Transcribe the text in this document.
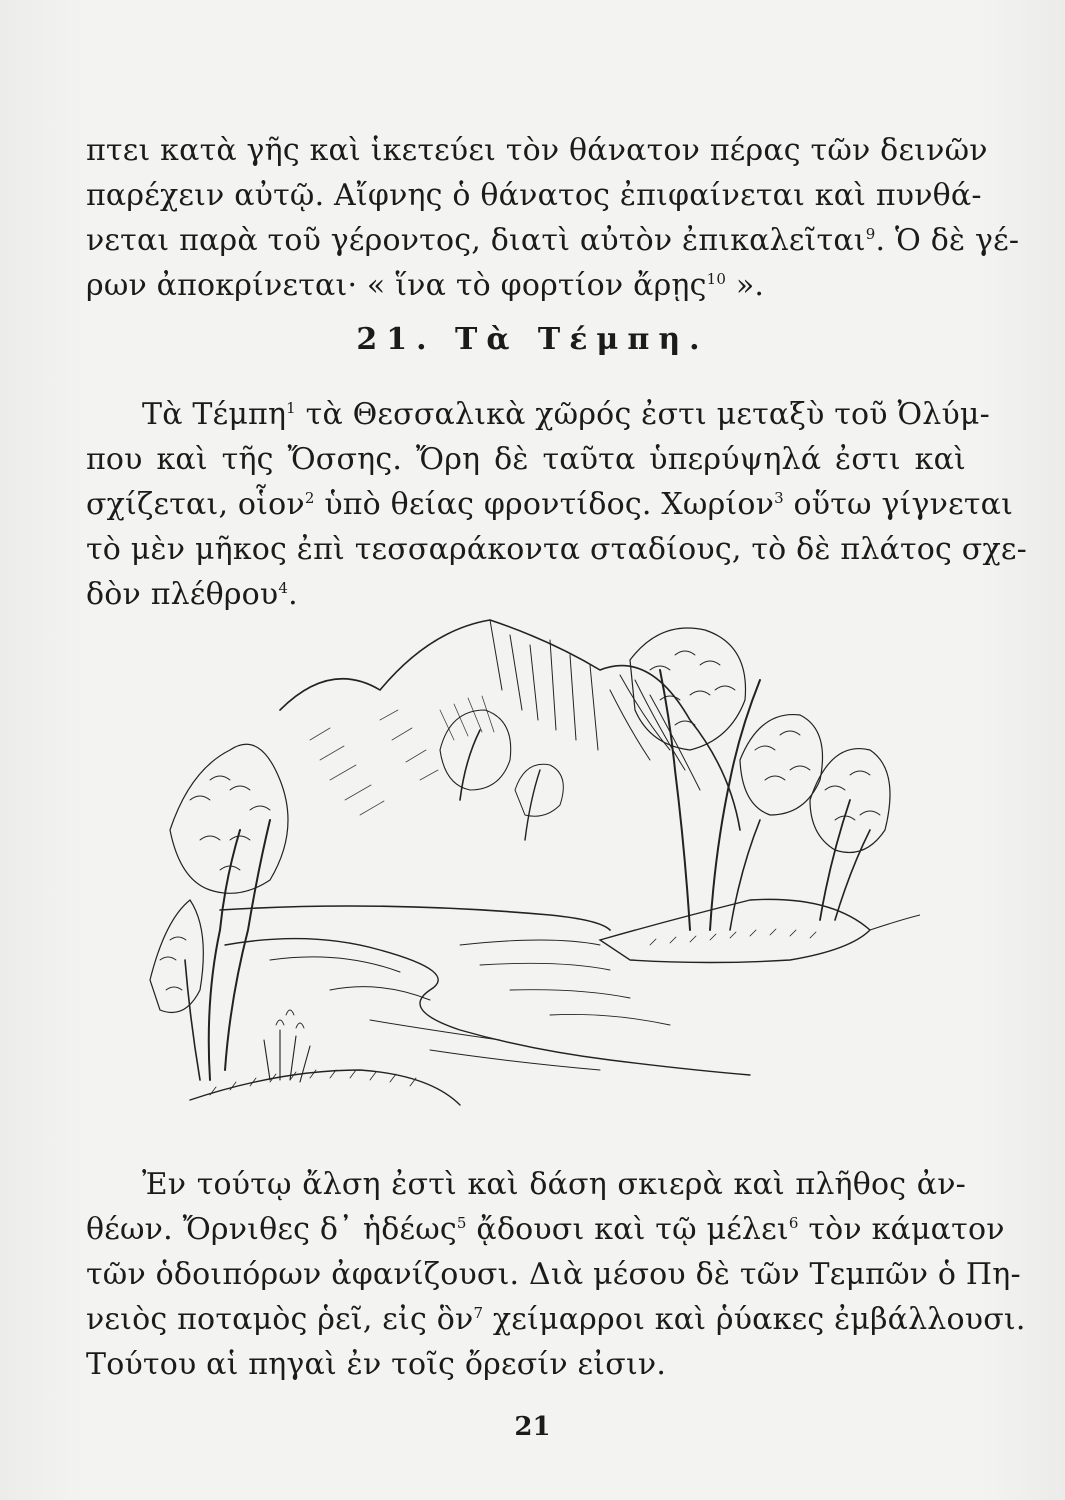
πτει κατὰ γῆς καὶ ἱκετεύει τὸν θάνατον πέρας τῶν δεινῶν
παρέχειν αὐτῷ. Αἴφνης ὁ θάνατος ἐπιφαίνεται καὶ πυνθά-
νεται παρὰ τοῦ γέροντος, διατὶ αὐτὸν ἐπικαλεῖται$^9$. Ὁ δὲ γέ-
ρων ἀποκρίνεται· « ἵνα τὸ φορτίον ἄρῃς$^{10}$ ».
21. Τὰ Τέμπη.
Τὰ Τέμπη$^1$ τὰ Θεσσαλικὰ χῶρός ἐστι μεταξὺ τοῦ Ὀλύμ-
που καὶ τῆς Ὄσσης. Ὄρη δὲ ταῦτα ὑπερύψηλά ἐστι καὶ
σχίζεται, οἷον$^2$ ὑπὸ θείας φροντίδος. Χωρίον$^3$ οὕτω γίγνεται
τὸ μὲν μῆκος ἐπὶ τεσσαράκοντα σταδίους, τὸ δὲ πλάτος σχε-
δὸν πλέθρου$^4$.
Ἐν τούτῳ ἄλση ἐστὶ καὶ δάση σκιερὰ καὶ πλῆθος ἀν-
θέων. Ὄρνιθες δ᾿ ἡδέως$^5$ ᾄδουσι καὶ τῷ μέλει$^6$ τὸν κάματον
τῶν ὁδοιπόρων ἀφανίζουσι. Διὰ μέσου δὲ τῶν Τεμπῶν ὁ Πη-
νειὸς ποταμὸς ῥεῖ, εἰς ὃν$^7$ χείμαρροι καὶ ῥύακες ἐμβάλλουσι.
Τούτου αἱ πηγαὶ ἐν τοῖς ὄρεσίν εἰσιν.
21
